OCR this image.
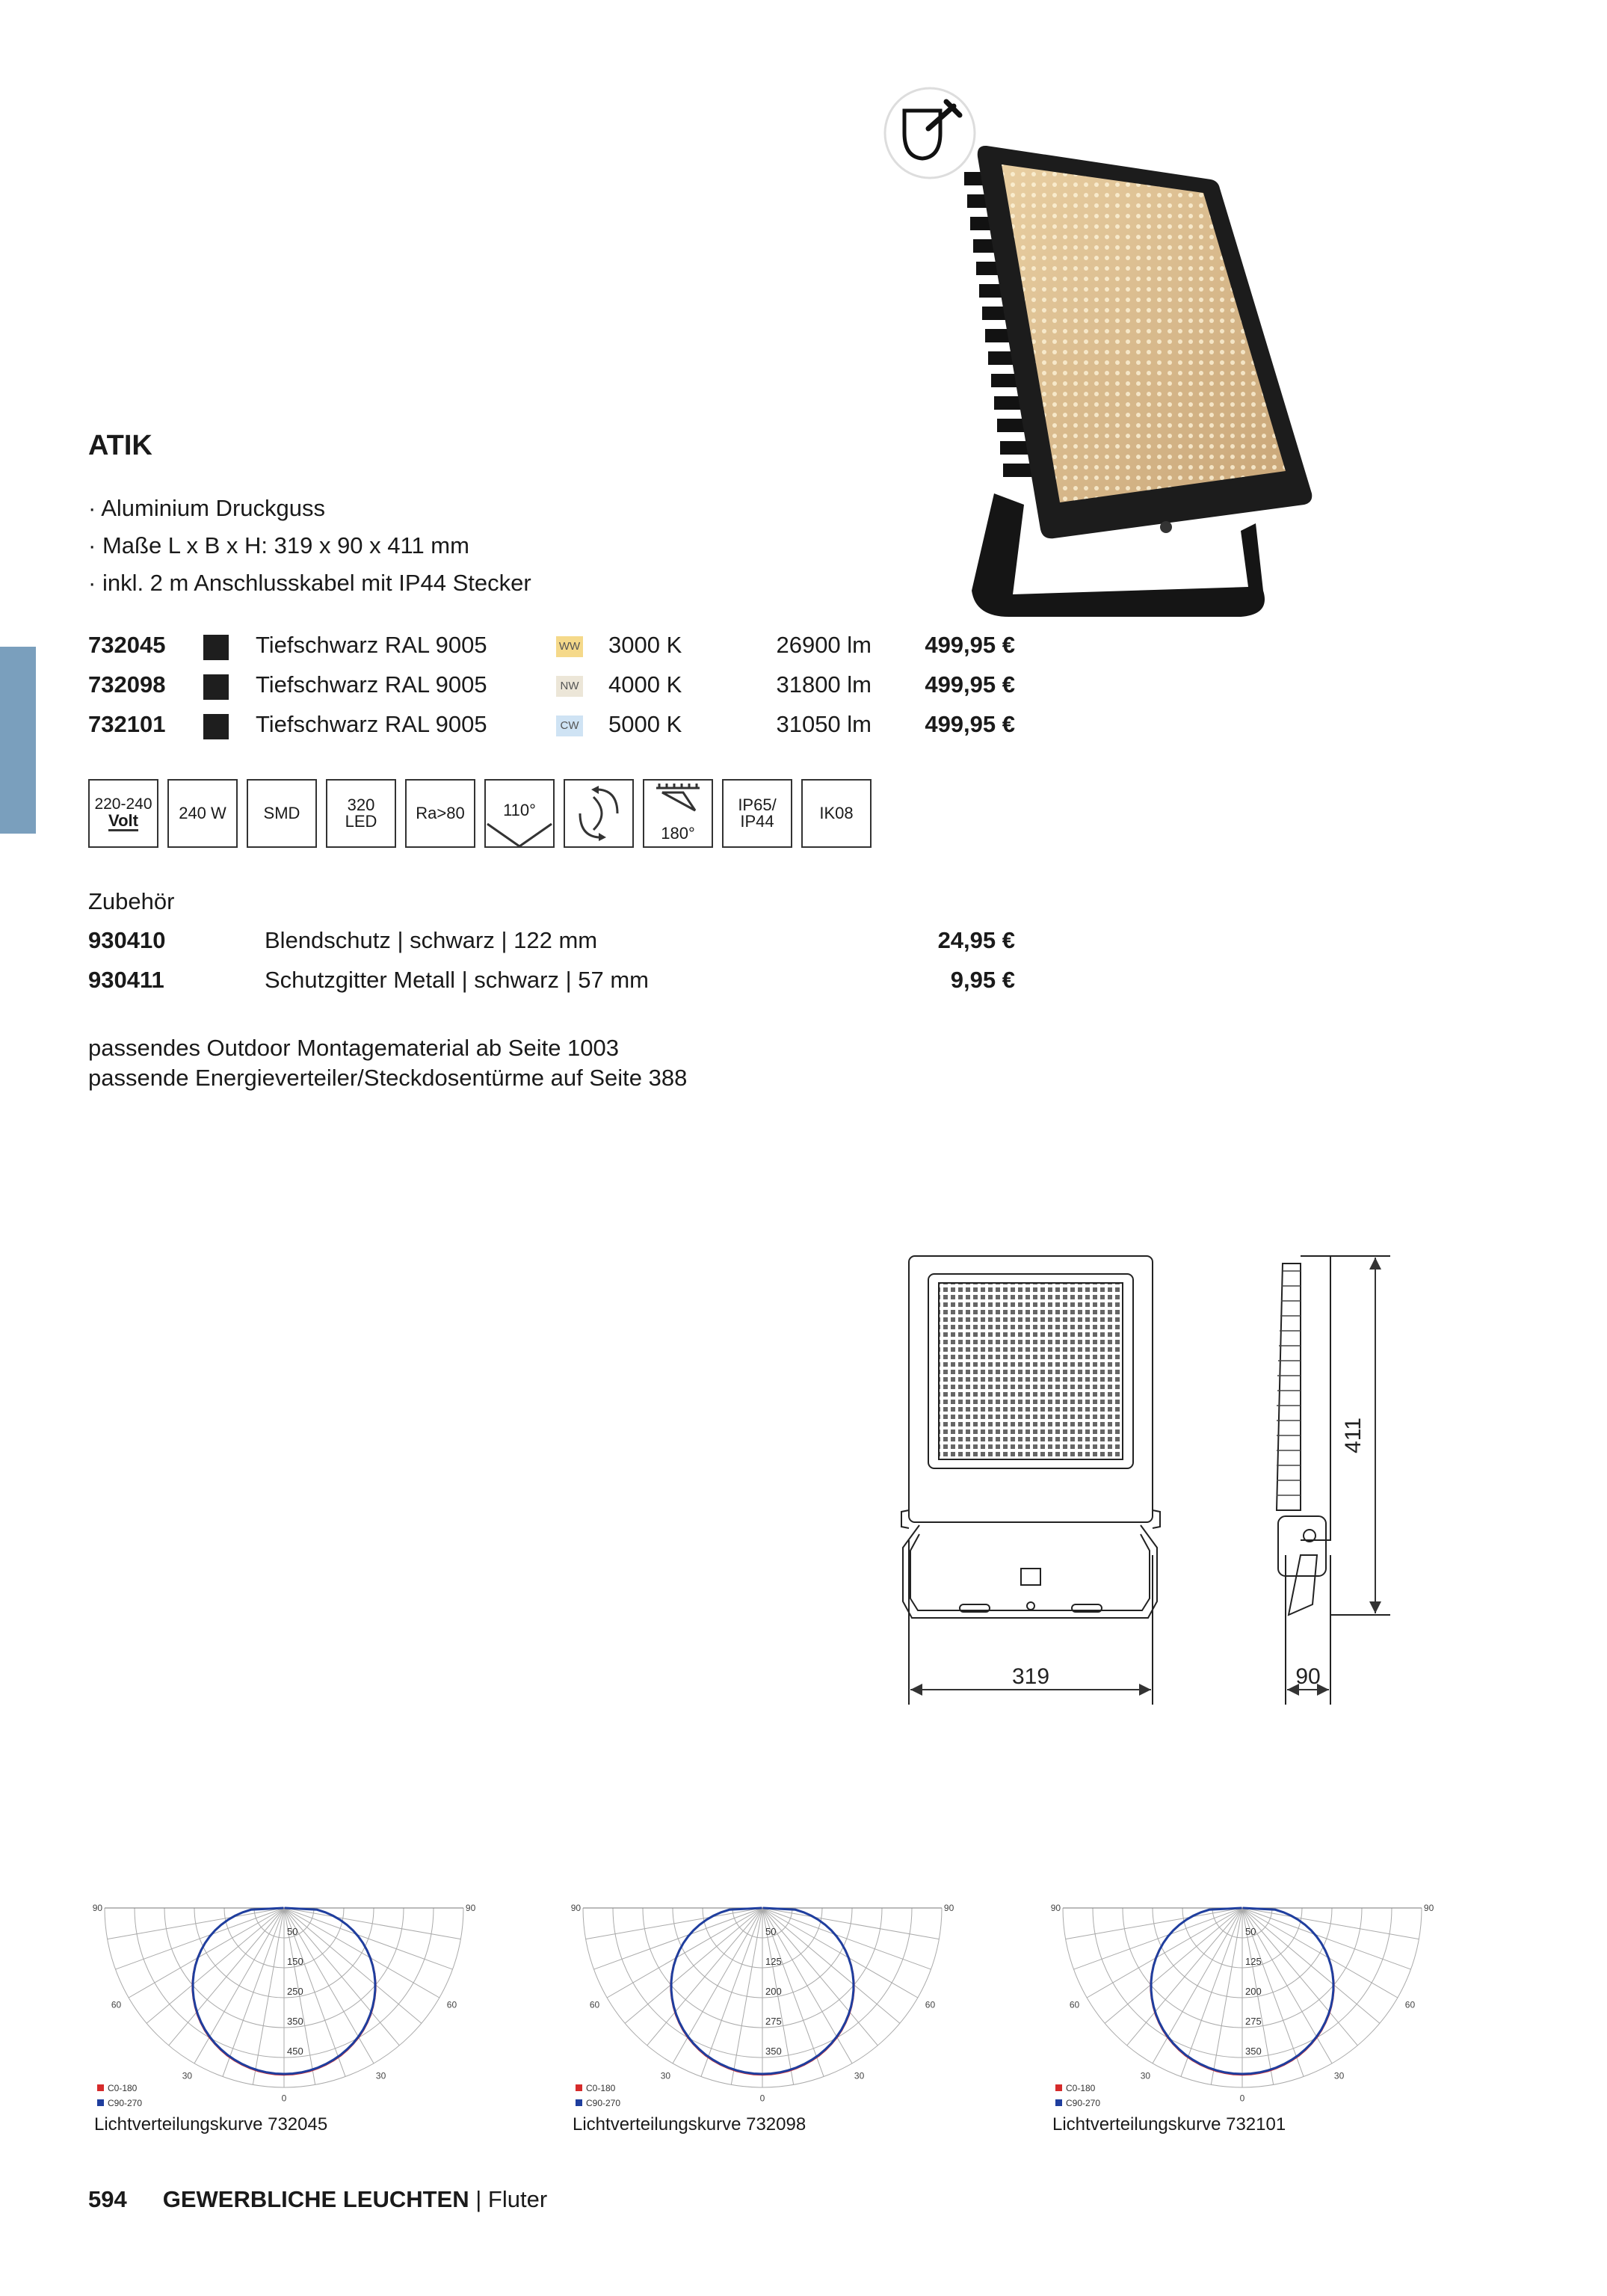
ATIK
· Aluminium Druckguss
· Maße L x B x H: 319 x 90 x 411 mm
· inkl. 2 m Anschlusskabel mit IP44 Stecker
732045	Tiefschwarz RAL 9005	WW 3000 K	26900 lm 499,95 €
732098	Tiefschwarz RAL 9005	NW 4000 K	31800 lm 499,95 €
732101	Tiefschwarz RAL 9005	CW 5000 K	31050 lm 499,95 €
220-240
Volt	240 W	SMD	320
LED	Ra>80	110°
180°
IP65/
IP44	IK08
Zubehör
930410	Blendschutz | schwarz | 122 mm	24,95 €
930411	Schutzgitter Metall | schwarz | 57 mm	9,95 €
passendes Outdoor Montagematerial ab Seite 1003
passende Energieverteiler/Steckdosentürme auf Seite 388
319	90
411
90	90
60	60
30	30
0
50
150
250
350
450
C0-180
C90-270
90	90
60	60
30	30
0
50
125
200
275
350
C0-180
C90-270
90	90
60	60
30	30
0
50
125
200
275
350
C0-180
C90-270
Lichtverteilungskurve 732045	Lichtverteilungskurve 732098	Lichtverteilungskurve 732101
594 GEWERBLICHE LEUCHTEN | Fluter
